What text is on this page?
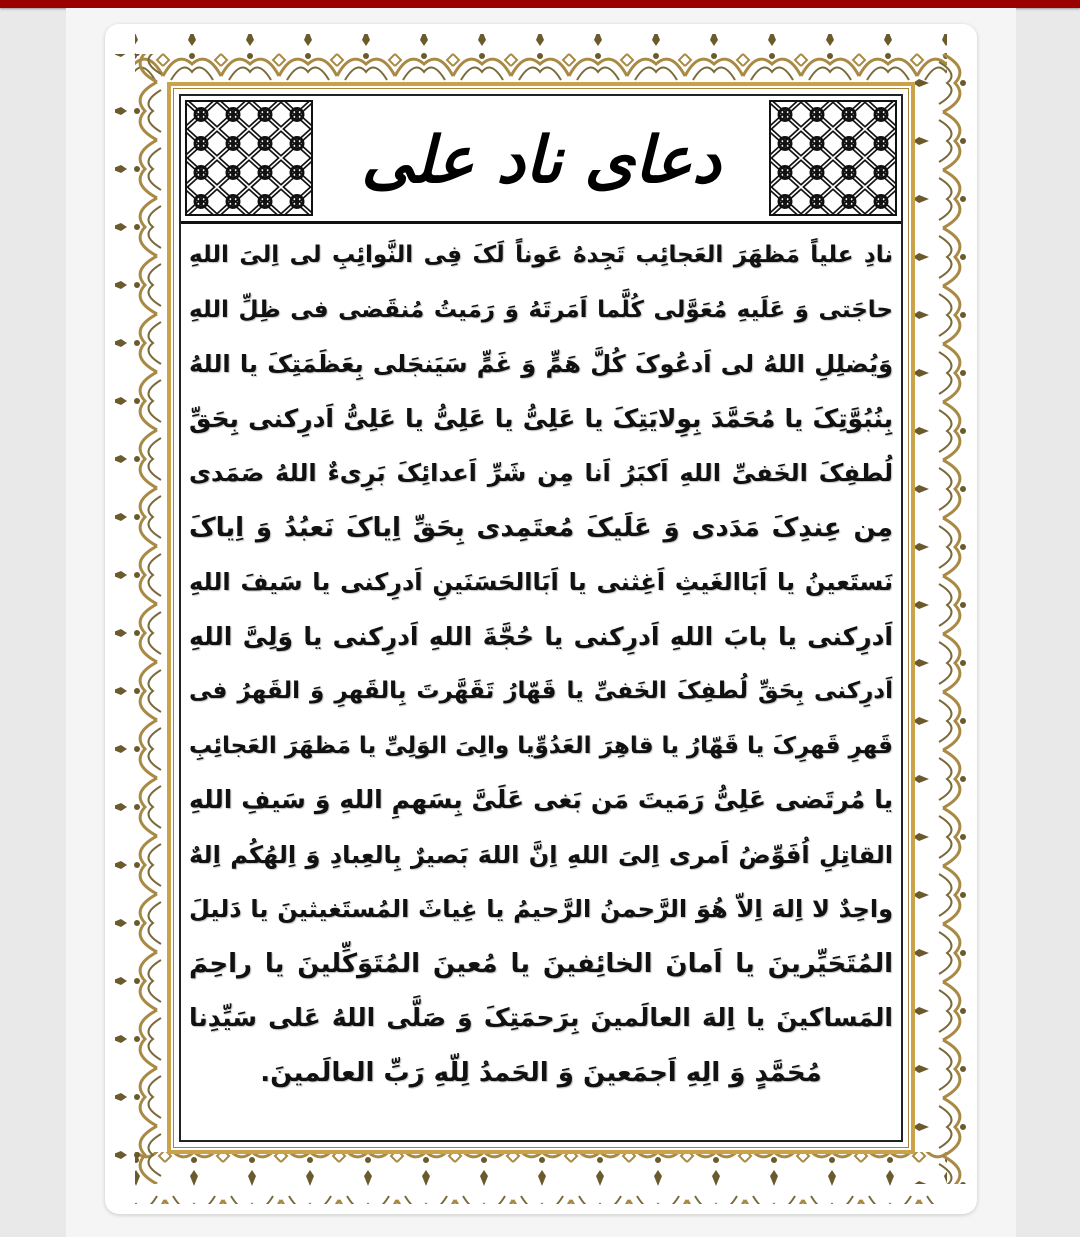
دعای ناد علی
نادِ علیاً مَظهَرَ العَجائِب تَجِدهُ عَوناً لَکَ فِی النَّوائِبِ لی اِلیَ اللهِ
حاجَتی وَ عَلَیهِ مُعَوَّلی کُلَّما اَمَرتَهُ وَ رَمَیتُ مُنقَضی فی ظِلِّ اللهِ
وَیُضلِلِ اللهُ لی اَدعُوکَ کُلَّ هَمٍّ وَ غَمٍّ سَیَنجَلی بِعَظَمَتِکَ یا اللهُ
بِنُبُوَّتِکَ یا مُحَمَّدَ بِوِلایَتِکَ یا عَلِیُّ یا عَلِیُّ یا عَلِیُّ اَدرِکنی بِحَقِّ
لُطفِکَ الخَفیِّ اللهِ اَکبَرُ اَنا مِن شَرِّ اَعدائِکَ بَرِیءٌ اللهُ صَمَدی
مِن عِندِکَ مَدَدی وَ عَلَیکَ مُعتَمِدی بِحَقِّ اِیاکَ نَعبُدُ وَ اِیاکَ
نَستَعینُ یا اَبَاالغَیثِ اَغِثنی یا اَبَاالحَسَنَینِ اَدرِکنی یا سَیفَ اللهِ
اَدرِکنی یا بابَ اللهِ اَدرِکنی یا حُجَّةَ اللهِ اَدرِکنی یا وَلِیَّ اللهِ
اَدرِکنی بِحَقِّ لُطفِکَ الخَفیِّ یا قَهّارُ تَقَهَّرتَ بِالقَهرِ وَ القَهرُ فی
قَهرِ قَهرِکَ یا قَهّارُ یا قاهِرَ العَدُوِّیا والِیَ الوَلِیِّ یا مَظهَرَ العَجائِبِ
یا مُرتَضی عَلِیُّ رَمَیتَ مَن بَغی عَلَیَّ بِسَهمِ اللهِ وَ سَیفِ اللهِ
القاتِلِ اُفَوِّضُ اَمری اِلیَ اللهِ اِنَّ اللهَ بَصیرٌ بِالعِبادِ وَ اِلهُکُم اِلهٌ
واحِدٌ لا اِلهَ اِلاّ هُوَ الرَّحمنُ الرَّحیمُ یا غِیاثَ المُستَغیثینَ یا دَلیلَ
المُتَحَیِّرینَ یا اَمانَ الخائِفینَ یا مُعینَ المُتَوَکِّلینَ یا راحِمَ
المَساکینَ یا اِلهَ العالَمینَ بِرَحمَتِکَ وَ صَلَّی اللهُ عَلی سَیِّدِنا
مُحَمَّدٍ وَ الِهِ اَجمَعینَ وَ الحَمدُ لِلّهِ رَبِّ العالَمینَ.
